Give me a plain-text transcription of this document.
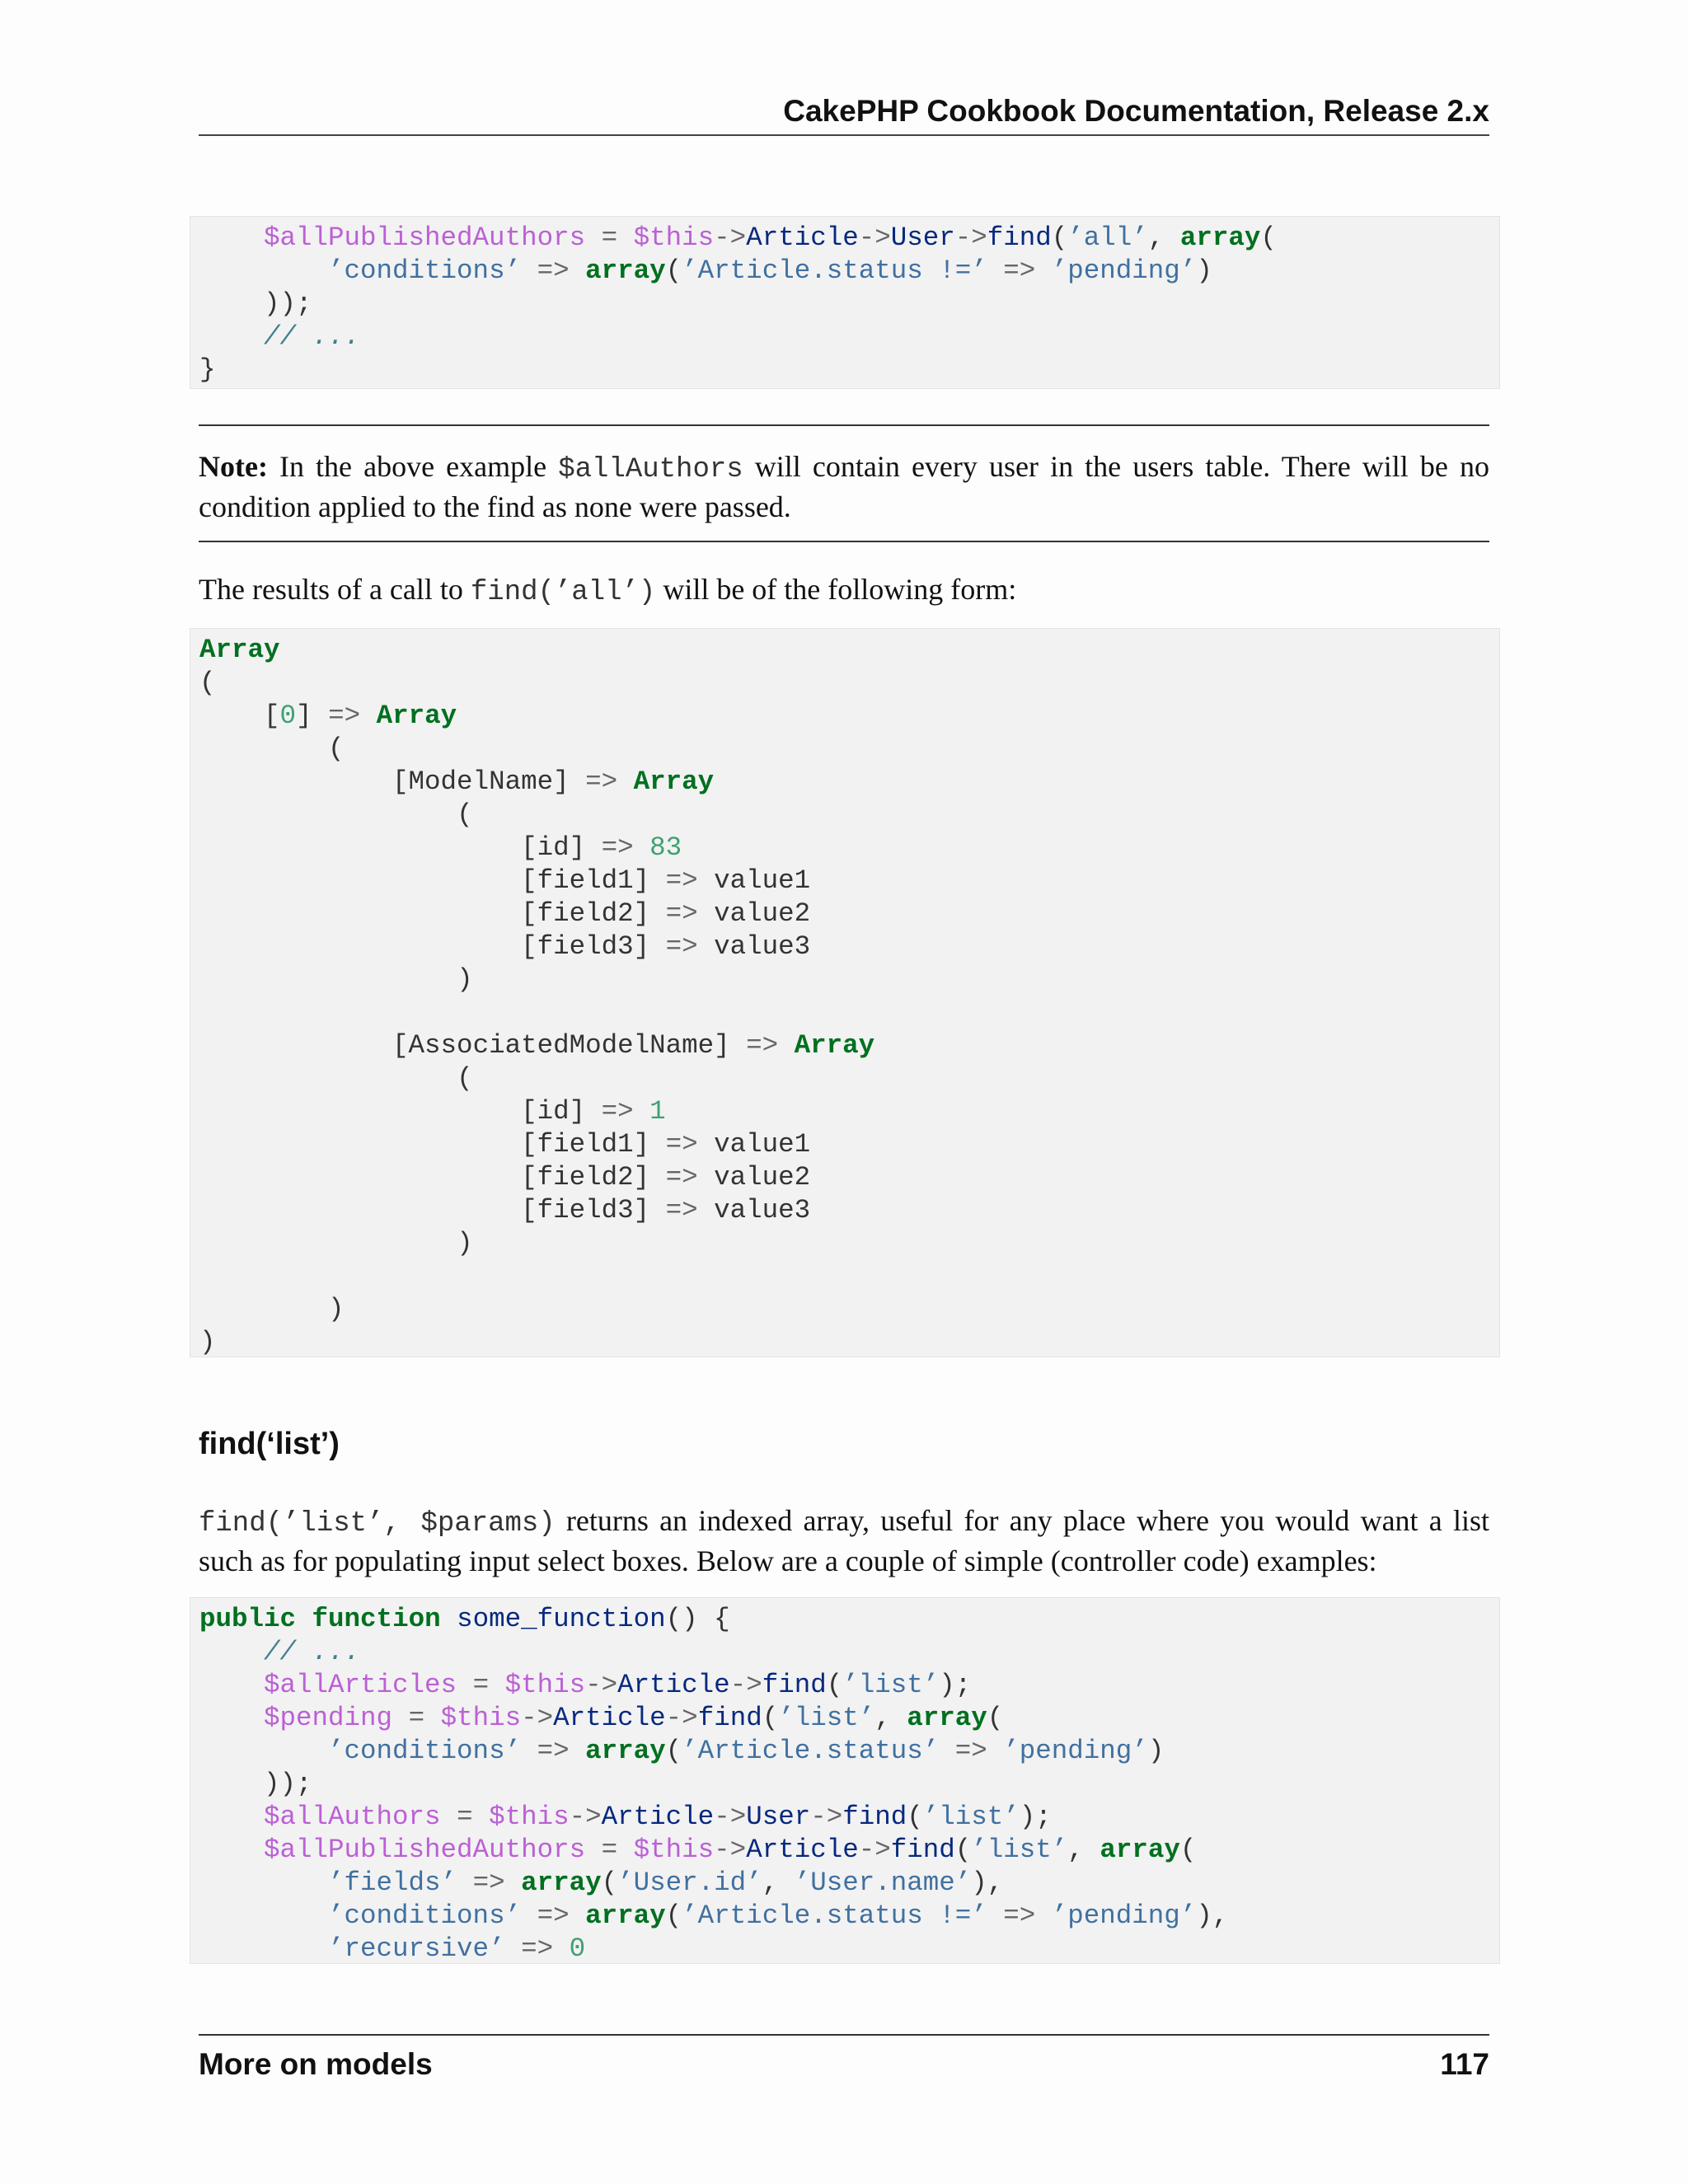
CakePHP Cookbook Documentation, Release 2.x
$allPublishedAuthors = $this->Article->User->find(’all’, array(
’conditions’ => array(’Article.status !=’ => ’pending’)
));
// ...
}
Note: In the above example $allAuthors will contain every user in the users table. There will be no condition applied to the find as none were passed.
The results of a call to find(’all’) will be of the following form:
Array
(
[0] => Array
(
[ModelName] => Array
(
[id] => 83
[field1] => value1
[field2] => value2
[field3] => value3
)
[AssociatedModelName] => Array
(
[id] => 1
[field1] => value1
[field2] => value2
[field3] => value3
)
)
)
find(‘list’)
find(’list’, $params) returns an indexed array, useful for any place where you would want a list such as for populating input select boxes. Below are a couple of simple (controller code) examples:
public function some_function() {
// ...
$allArticles = $this->Article->find(’list’);
$pending = $this->Article->find(’list’, array(
’conditions’ => array(’Article.status’ => ’pending’)
));
$allAuthors = $this->Article->User->find(’list’);
$allPublishedAuthors = $this->Article->find(’list’, array(
’fields’ => array(’User.id’, ’User.name’),
’conditions’ => array(’Article.status !=’ => ’pending’),
’recursive’ => 0
More on models	117
